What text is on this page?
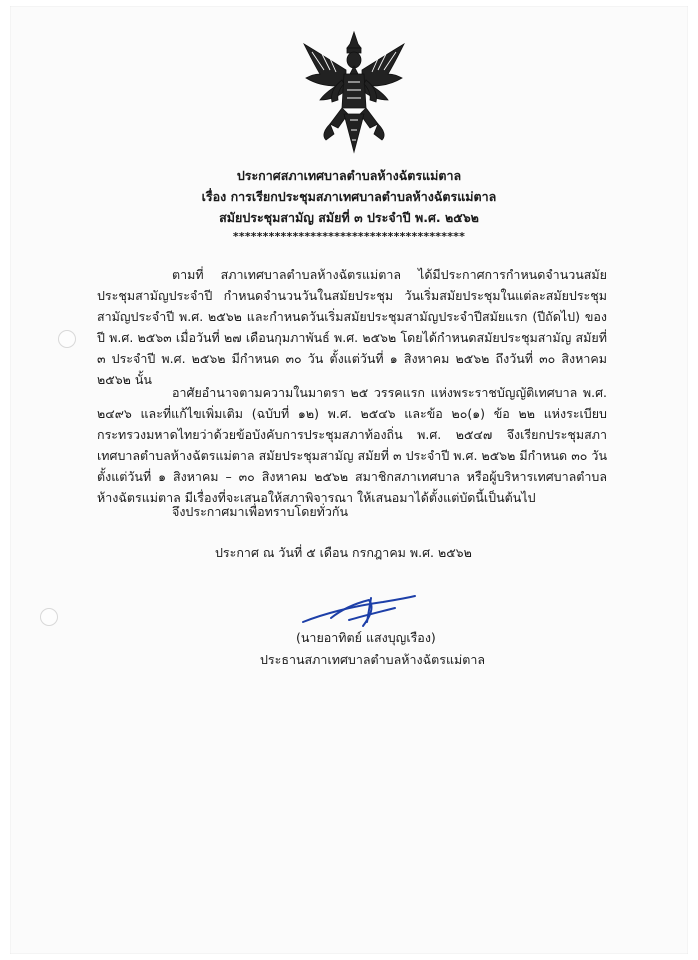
ประกาศสภาเทศบาลตำบลห้างฉัตรแม่ตาล
เรื่อง การเรียกประชุมสภาเทศบาลตำบลห้างฉัตรแม่ตาล
สมัยประชุมสามัญ สมัยที่ ๓ ประจำปี พ.ศ. ๒๕๖๒
***************************************
ตามที่ สภาเทศบาลตำบลห้างฉัตรแม่ตาล ได้มีประกาศการกำหนดจำนวนสมัยประชุมสามัญประจำปี กำหนดจำนวนวันในสมัยประชุม วันเริ่มสมัยประชุมในแต่ละสมัยประชุมสามัญประจำปี พ.ศ. ๒๕๖๒ และกำหนดวันเริ่มสมัยประชุมสามัญประจำปีสมัยแรก (ปีถัดไป) ของปี พ.ศ. ๒๕๖๓ เมื่อวันที่ ๒๗ เดือนกุมภาพันธ์ พ.ศ. ๒๕๖๒ โดยได้กำหนดสมัยประชุมสามัญ สมัยที่ ๓ ประจำปี พ.ศ. ๒๕๖๒ มีกำหนด ๓๐ วัน ตั้งแต่วันที่ ๑ สิงหาคม ๒๕๖๒ ถึงวันที่ ๓๐ สิงหาคม ๒๕๖๒ นั้น
อาศัยอำนาจตามความในมาตรา ๒๕ วรรคแรก แห่งพระราชบัญญัติเทศบาล พ.ศ. ๒๔๙๖ และที่แก้ไขเพิ่มเติม (ฉบับที่ ๑๒) พ.ศ. ๒๕๔๖ และข้อ ๒๐(๑) ข้อ ๒๒ แห่งระเบียบกระทรวงมหาดไทยว่าด้วยข้อบังคับการประชุมสภาท้องถิ่น พ.ศ. ๒๕๔๗ จึงเรียกประชุมสภาเทศบาลตำบลห้างฉัตรแม่ตาล สมัยประชุมสามัญ สมัยที่ ๓ ประจำปี พ.ศ. ๒๕๖๒ มีกำหนด ๓๐ วัน ตั้งแต่วันที่ ๑ สิงหาคม – ๓๐ สิงหาคม ๒๕๖๒ สมาชิกสภาเทศบาล หรือผู้บริหารเทศบาลตำบลห้างฉัตรแม่ตาล มีเรื่องที่จะเสนอให้สภาพิจารณา ให้เสนอมาได้ตั้งแต่บัดนี้เป็นต้นไป
จึงประกาศมาเพื่อทราบโดยทั่วกัน
ประกาศ ณ วันที่ ๕ เดือน กรกฎาคม พ.ศ. ๒๕๖๒
(นายอาทิตย์ แสงบุญเรือง)
ประธานสภาเทศบาลตำบลห้างฉัตรแม่ตาล
